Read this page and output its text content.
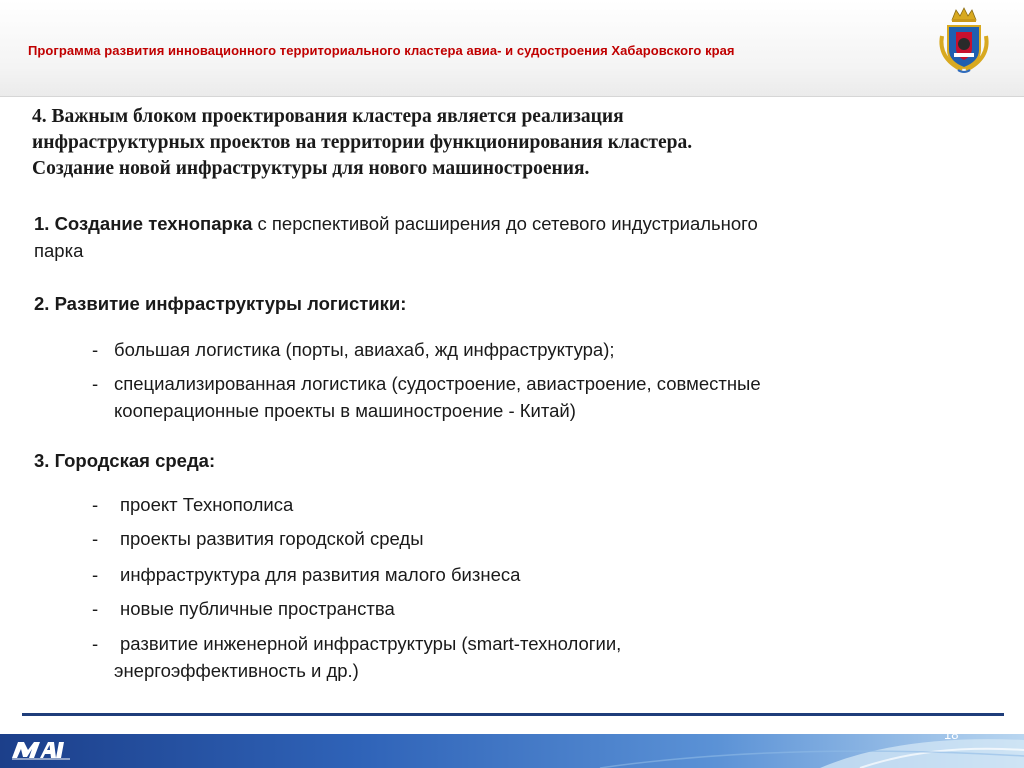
Программа развития инновационного территориального кластера авиа- и судостроения Хабаровского края
4. Важным блоком проектирования кластера является реализация
инфраструктурных проектов на территории функционирования кластера.
Создание новой инфраструктуры для нового машиностроения.
1. Создание технопарка с перспективой расширения до сетевого индустриального
парка
2. Развитие инфраструктуры логистики:
- большая логистика (порты, авиахаб, жд инфраструктура);
- специализированная логистика (судостроение, авиастроение, совместные
кооперационные проекты в машиностроение - Китай)
3. Городская среда:
- проект Технополиса
- проекты развития городской среды
- инфраструктура для развития малого бизнеса
- новые публичные пространства
- развитие инженерной инфраструктуры (smart-технологии,
энергоэффективность и др.)
18
